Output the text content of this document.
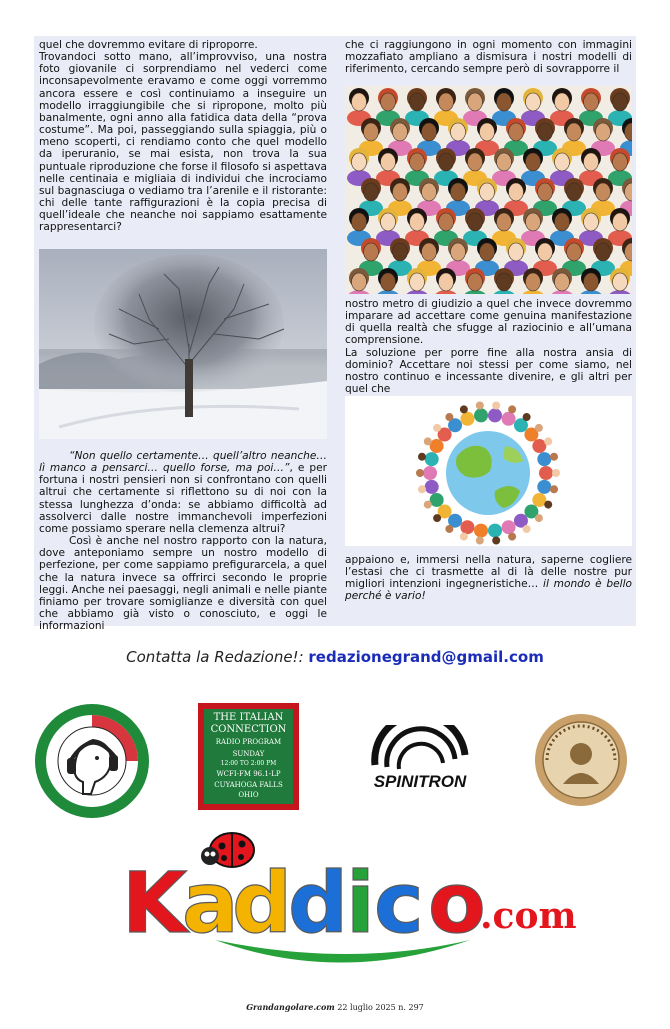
quel che dovremmo evitare di riproporre.

Trovandoci sotto mano, all’improvviso, una nostra foto giovanile ci sorprendiamo nel vederci come inconsapevolmente eravamo e come oggi vorremmo ancora essere e così continuiamo a inseguire un modello irraggiungibile che si ripropone, molto più banalmente, ogni anno alla fatidica data della “prova costume”. Ma poi, passeggiando sulla spiaggia, più o meno scoperti, ci rendiamo conto che quel modello da iperuranio, se mai esista, non trova la sua puntuale riproduzione che forse il filosofo si aspettava nelle centinaia e migliaia di individui che incrociamo sul bagnasciuga o vediamo tra l’arenile e il ristorante: chi delle tante raffigurazioni è la copia precisa di quell’ideale che neanche noi sappiamo esattamente rappresentarci?

“Non quello certamente… quell’altro neanche… lì manco a pensarci… quello forse, ma poi…”, e per fortuna i nostri pensieri non si confrontano con quelli altrui che certamente si riflettono su di noi con la stessa lunghezza d’onda: se abbiamo difficoltà ad assolverci dalle nostre immanchevoli imperfezioni come possiamo sperare nella clemenza altrui?

Così è anche nel nostro rapporto con la natura, dove anteponiamo sempre un nostro modello di perfezione, per come sappiamo prefigurarcela, a quel che la natura invece sa offrirci secondo le proprie leggi. Anche nei paesaggi, negli animali e nelle piante finiamo per trovare somiglianze e diversità con quel che abbiamo già visto o conosciuto, e oggi le informazioni

che ci raggiungono in ogni momento con immagini mozzafiato ampliano a dismisura i nostri modelli di riferimento, cercando sempre però di sovrapporre il

nostro metro di giudizio a quel che invece dovremmo imparare ad accettare come genuina manifestazione di quella realtà che sfugge al raziocinio e all’umana comprensione.

La soluzione per porre fine alla nostra ansia di dominio? Accettare noi stessi per come siamo, nel nostro continuo e incessante divenire, e gli altri per quel che

appaiono e, immersi nella natura, saperne cogliere l’estasi che ci trasmette al di là delle nostre pur migliori intenzioni ingegneristiche… il mondo è bello perché è vario!

Contatta la Redazione!: redazionegrand@gmail.com
THE ITALIAN
CONNECTION
RADIO PROGRAM
SUNDAY
12:00 TO 2:00 PM
WCFI-FM 96.1-LP
CUYAHOGA FALLS
OHIO
SPINITRON
K
a
d
d
i c o
.com
Grandangolare.com 22 luglio 2025 n. 297
